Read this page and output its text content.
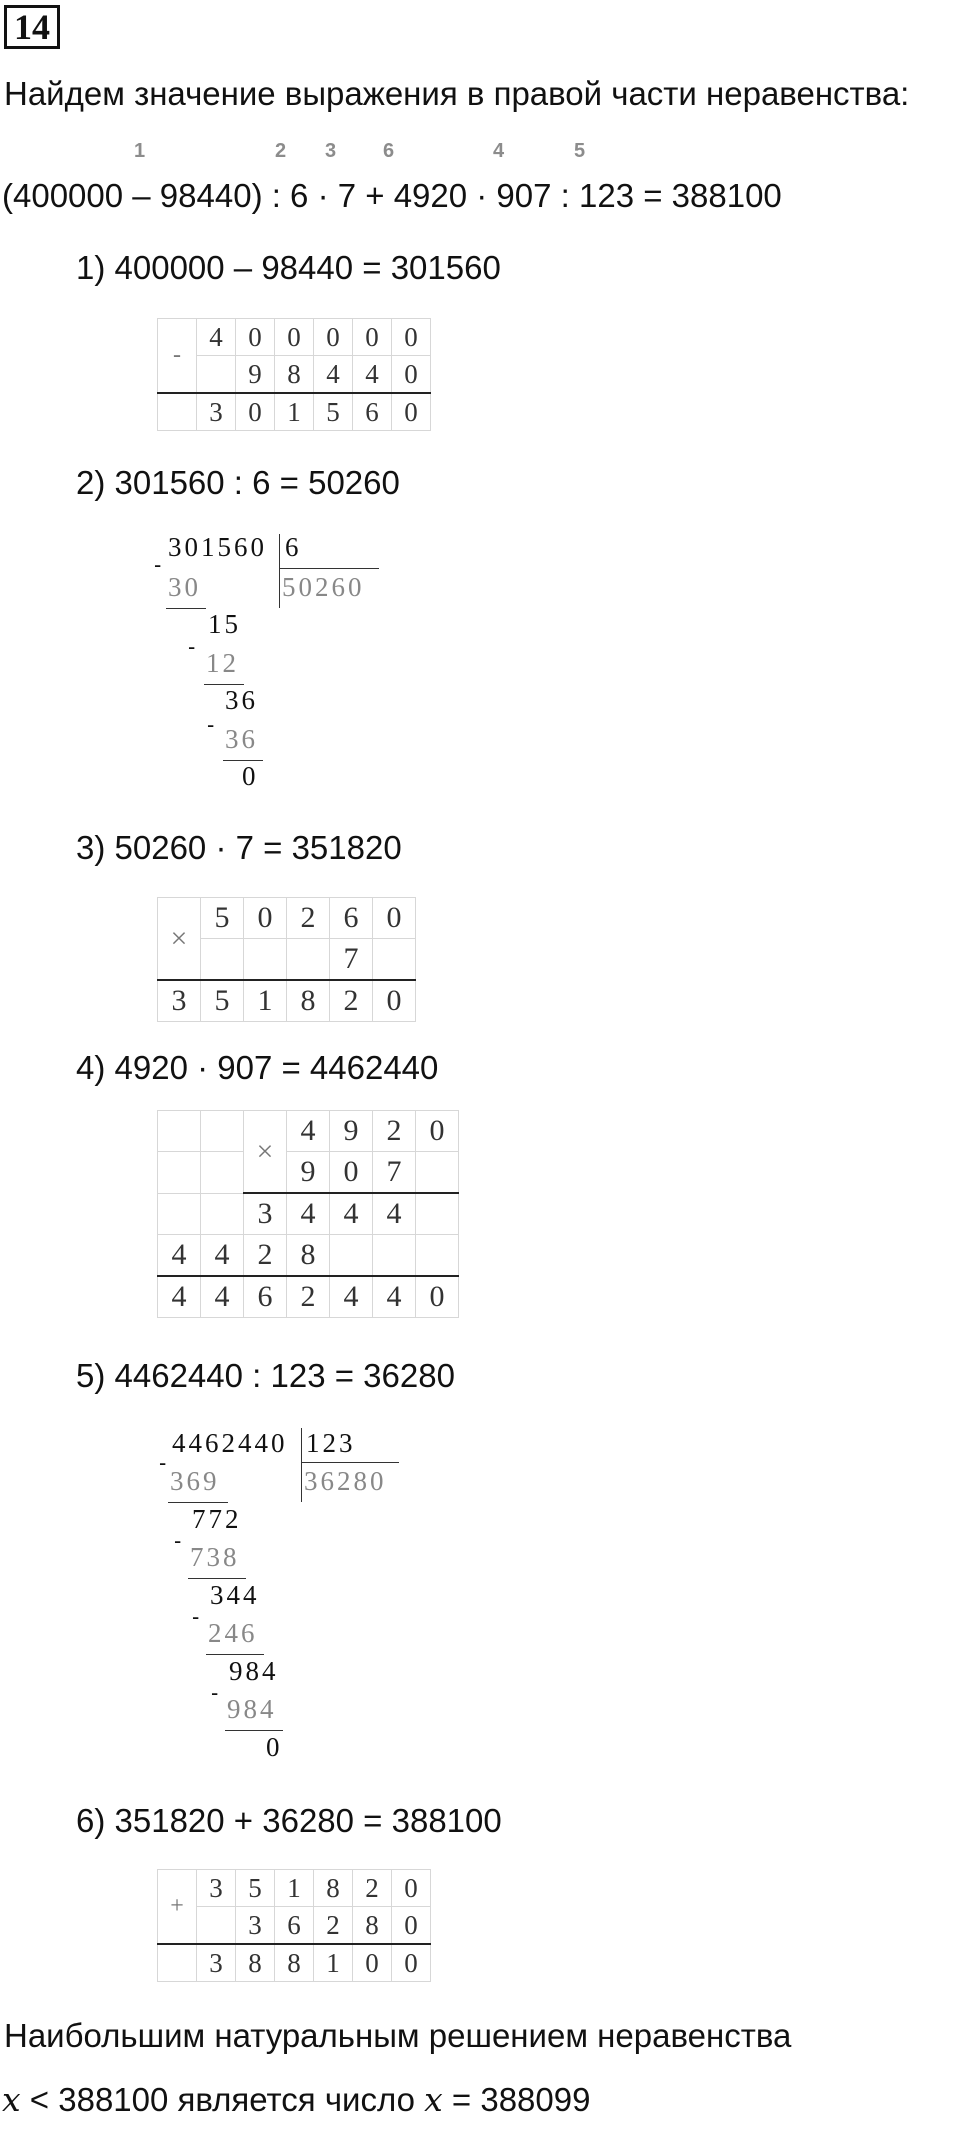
14
Найдем значение выражения в правой части неравенства:
1	2 3 6	4	5
(400000 – 98440) : 6 · 7 + 4920 · 907 : 123 = 388100
1) 400000 – 98440 = 301560
-	4	0	0	0	0	0
		9	8	4	4	0
	3	0	1	5	6	0
2) 301560 : 6 = 50260
-
301560 6
50260
30
15
-
12
36
- 36
0
3) 50260 · 7 = 351820
×	5	0	2	6	0
				7	
3	5	1	8	2	0
4) 4920 · 907 = 4462440
		×	4	9	2	0
			9	0	7	
		3	4	4	4	
4	4	2	8			
4	4	6	2	4	4	0
5) 4462440 : 123 = 36280
-
4462440 123
36280
369
772
-
738
344
-
246
984
-
984
0
6) 351820 + 36280 = 388100
+	3	5	1	8	2	0
		3	6	2	8	0
	3	8	8	1	0	0
Наибольшим натуральным решением неравенства
x < 388100 является число x = 388099
